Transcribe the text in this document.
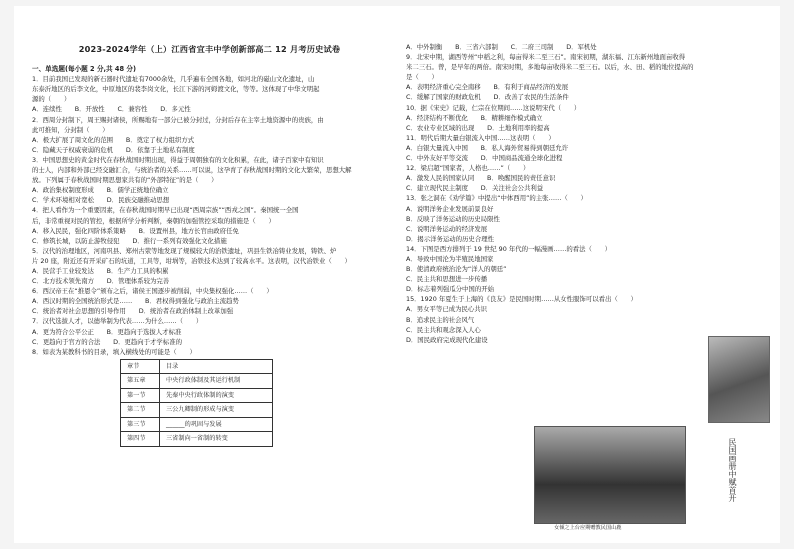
2023-2024学年（上）江西省宜丰中学创新部高二 12 月考历史试卷
一、单选题(每小题 2 分,共 48 分)
1．目前我国已发现的新石器时代遗址有7000余处，几乎遍布全国各地，如河北的磁山文化遗址，山
东泰沂地区的后李文化，中原地区的裴李岗文化，长江下游的河姆渡文化，等等。这体现了中华文明起
源的（　　）
A．连续性　　B．开放性　　C．兼容性　　D．多元性
2．西周分封制下，周王赐封诸侯，所赐地有一部分已被分封过，分封后存在主宰土地资源中的贵族，由
此可推知，分封制（　　）
A．极大扩展了周文化的范围　　B．奠定了权力组织方式
C．隐藏天子权威衰弱的危机　　D．依靠于土地私有制度
3．中国思想史的黄金时代在春秋战国时期出现，得益于周朝独有的文化积累，在此，诸子百家中有知识
的士人，内部和外部已经交融汇合，与统治者的关系……可以说，这孕育了春秋战国时期的文化大繁荣，思想大解
放。下列属于春秋战国时期思想家共有的“外部特征”的是（　　）
A．政治集权制度形成　　B．儒学正统地位确立
C．学术环境相对宽松　　D．民族交融推动思想
4．把人看作为一个重要因素，在春秋战国时期早已出现“西周宗族”“西戎之国”。秦国统一全国
后，非常重视对民的管控，根据所学分析判断，秦朝的加强管控采取的措施是（　　）
A．移入民民，强化四阶体系策略　　B．设置州县，地方长官由政府任免
C．修筑长城，以防止游牧侵犯　　D．推行一系列有效强化文化措施
5．汉代的治理地区，河南巩县、郑州古荥等地发现了规模较大的治铁遗址，巩县生铁冶铸业发展，铸铁、炉
片 20 座，附近还有开采矿石的坑道，工具等，坩埚等，冶铁技术达到了较高水平。这表明，汉代冶铁业（　　）
A．民营手工业较发达　　B．生产力工具的积累
C．北方技术领先南方　　D．管理体系较为完善
6．西汉帝王在“推恩令”颁布之后，诸侯王国逐步被削弱，中央集权强化……（　　）
A．西汉时期的全国统治形式是……　　B．君权得到强化与政治主流趋势
C．统治者对社会思想的引导作用　　D．统治者在政治体制上改革加强
7．汉代选拔人才，以德举制为代表……为什么……（　　）
A．更为符合公平公正　　B．更趋向于选拔人才标准
C．更趋向于官方的合法　　D．更趋向于才学标准的
8．如表为某教科书的目录，填入横线处的可能是（　　）
章节	目录
第五章	中央行政体制及其运行机制
第一节	先秦中央行政体制的演变
第二节	三公九卿制的形成与演变
第三节	______的巩固与发展
第四节	三省制向一省制的转变
A．中外制衡　　B．三省六部制　　C．二府三司制　　D．军机处
9．北宋中期，湖西等州“中稻之利，每亩得米二至三石”。南宋初期，湖东福、江东新州地面亩收得
米二三石。曾，是早年的两倍。南宋时期，多地每亩收得米二至三石。以后，水、田、稻的地位提高的
是（　　）
A．表明经济重心完全南移　　B．有利于商品经济的发展
C．缓解了国家的财政危机　　D．改善了农民的生活条件
10．据《宋史》记载，仁宗在位期间……这说明宋代（　　）
A．经济结构不断优化　　B．精耕细作模式确立
C．农业专业区域的出现　　D．土地利用率的提高
11．明代后期大量白银流入中国……这表明（　　）
A．白银大量流入中国　　B．私人海外贸易得到朝廷允许
C．中外友好平等交流　　D．中国商品流通全球化进程
12．梁启超“国家者，人格也……”（　　）
A．激发人民的国家认同　　B．唤醒国民的责任意识
C．建立现代民主制度　　D．关注社会公共利益
13．张之洞在《劝学篇》中提出“中体西用”的主张……（　　）
A．说明洋务企业发展前景良好
B．反映了洋务运动的历史局限性
C．说明洋务运动的经济发展
D．揭示洋务运动的历史合理性
14．下图是西方排列于 19 世纪 90 年代的一幅漫画……的看法（　　）
A．导致中国沦为半殖民地国家
B．使清政府统治沦为“洋人的朝廷”
C．民主共和思想进一步传播
D．标志着列强瓜分中国的开始
15．1920 年夏生于上海的《良友》是民国时期……从女性服饰可以看出（　　）
A．男女平等已成为民心共识
B．追求民主的社会风气
C．民主共和观念深入人心
D．国民政府完成现代化建设
民国画册中赋首开
女倾之上台应期赠教民国山鹿
